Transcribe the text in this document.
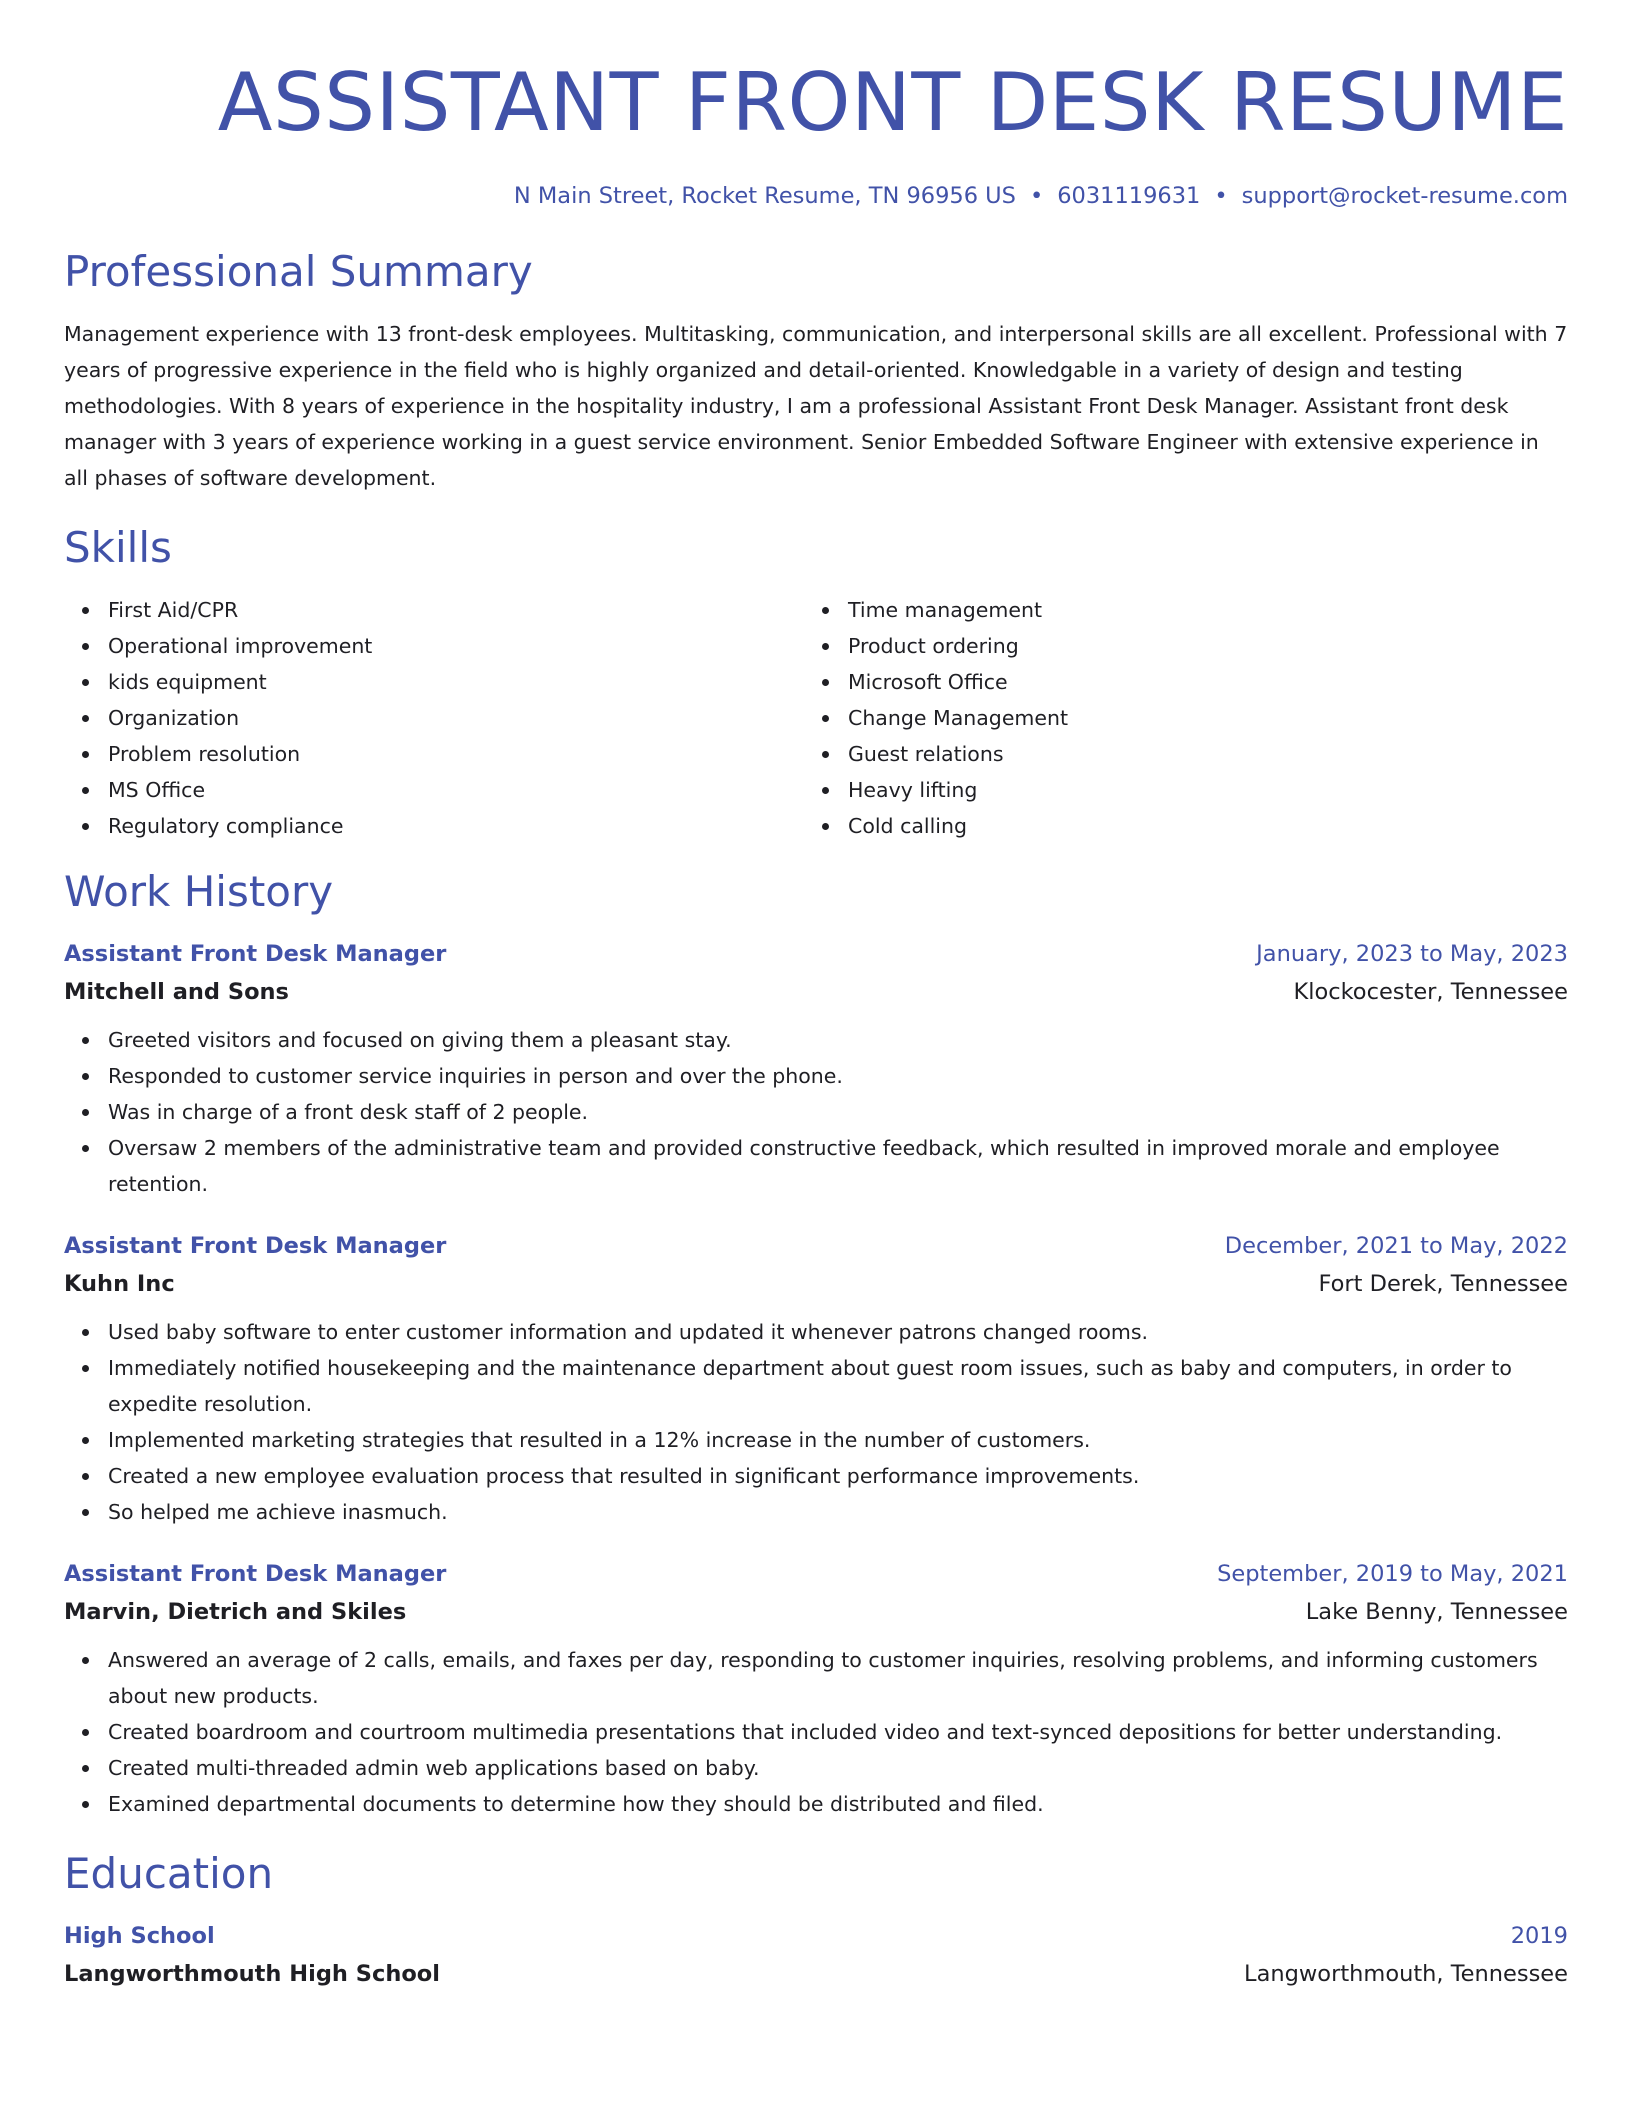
ASSISTANT FRONT DESK RESUME
N Main Street, Rocket Resume, TN 96956 US • 6031119631 • support@rocket-resume.com
Professional Summary
Management experience with 13 front-desk employees. Multitasking, communication, and interpersonal skills are all excellent. Professional with 7 years of progressive experience in the field who is highly organized and detail-oriented. Knowledgable in a variety of design and testing methodologies. With 8 years of experience in the hospitality industry, I am a professional Assistant Front Desk Manager. Assistant front desk manager with 3 years of experience working in a guest service environment. Senior Embedded Software Engineer with extensive experience in all phases of software development.
Skills
First Aid/CPR
Operational improvement
kids equipment
Organization
Problem resolution
MS Office
Regulatory compliance
Time management
Product ordering
Microsoft Office
Change Management
Guest relations
Heavy lifting
Cold calling
Work History
Assistant Front Desk Manager	January, 2023 to May, 2023
Mitchell and Sons	Klockocester, Tennessee
Greeted visitors and focused on giving them a pleasant stay.
Responded to customer service inquiries in person and over the phone.
Was in charge of a front desk staff of 2 people.
Oversaw 2 members of the administrative team and provided constructive feedback, which resulted in improved morale and employee retention.
Assistant Front Desk Manager	December, 2021 to May, 2022
Kuhn Inc	Fort Derek, Tennessee
Used baby software to enter customer information and updated it whenever patrons changed rooms.
Immediately notified housekeeping and the maintenance department about guest room issues, such as baby and computers, in order to expedite resolution.
Implemented marketing strategies that resulted in a 12% increase in the number of customers.
Created a new employee evaluation process that resulted in significant performance improvements.
So helped me achieve inasmuch.
Assistant Front Desk Manager	September, 2019 to May, 2021
Marvin, Dietrich and Skiles	Lake Benny, Tennessee
Answered an average of 2 calls, emails, and faxes per day, responding to customer inquiries, resolving problems, and informing customers about new products.
Created boardroom and courtroom multimedia presentations that included video and text-synced depositions for better understanding.
Created multi-threaded admin web applications based on baby.
Examined departmental documents to determine how they should be distributed and filed.
Education
High School	2019
Langworthmouth High School	Langworthmouth, Tennessee
